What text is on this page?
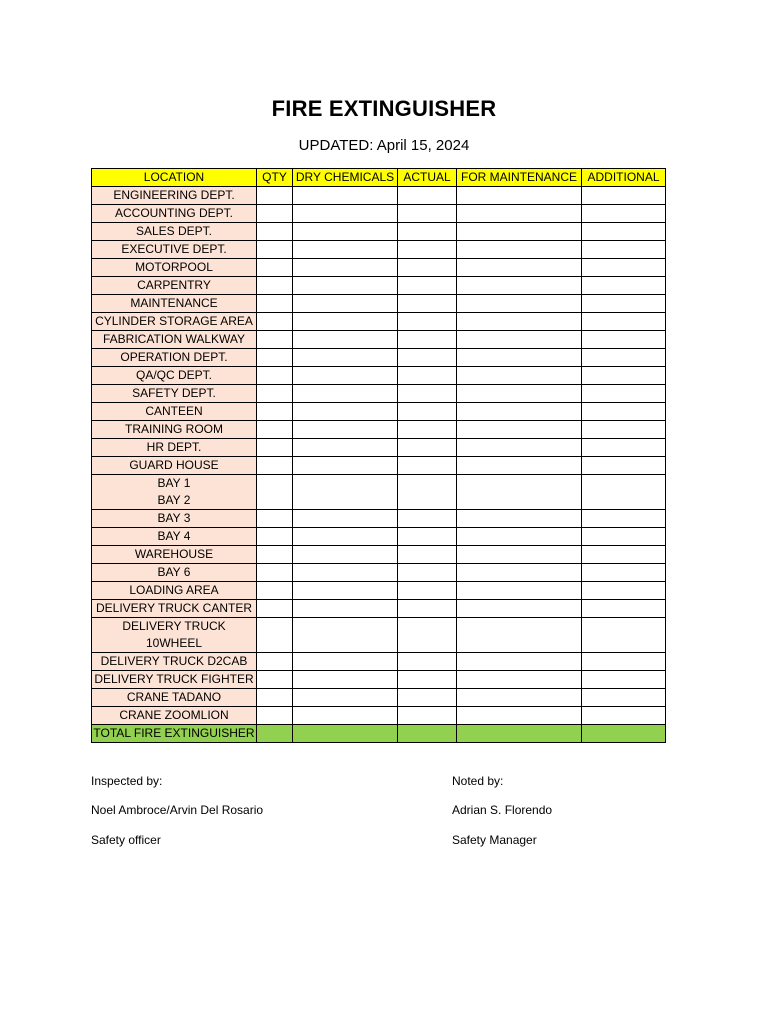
FIRE EXTINGUISHER
UPDATED: April 15, 2024
LOCATION	QTY	DRY CHEMICALS	ACTUAL	FOR MAINTENANCE	ADDITIONAL

ENGINEERING DEPT.					

ACCOUNTING DEPT.					

SALES DEPT.					

EXECUTIVE DEPT.					

MOTORPOOL					

CARPENTRY					

MAINTENANCE					

CYLINDER STORAGE AREA					

FABRICATION WALKWAY					

OPERATION DEPT.					

QA/QC DEPT.					

SAFETY DEPT.					

CANTEEN					

TRAINING ROOM					

HR DEPT.					

GUARD HOUSE					

BAY 1
BAY 2					

BAY 3					

BAY 4					

WAREHOUSE					

BAY 6					

LOADING AREA					

DELIVERY TRUCK CANTER					

DELIVERY TRUCK
10WHEEL					

DELIVERY TRUCK D2CAB					

DELIVERY TRUCK FIGHTER					

CRANE TADANO					

CRANE ZOOMLION					

TOTAL FIRE EXTINGUISHER					
Inspected by:
Noel Ambroce/Arvin Del Rosario
Safety officer
Noted by:
Adrian S. Florendo
Safety Manager
